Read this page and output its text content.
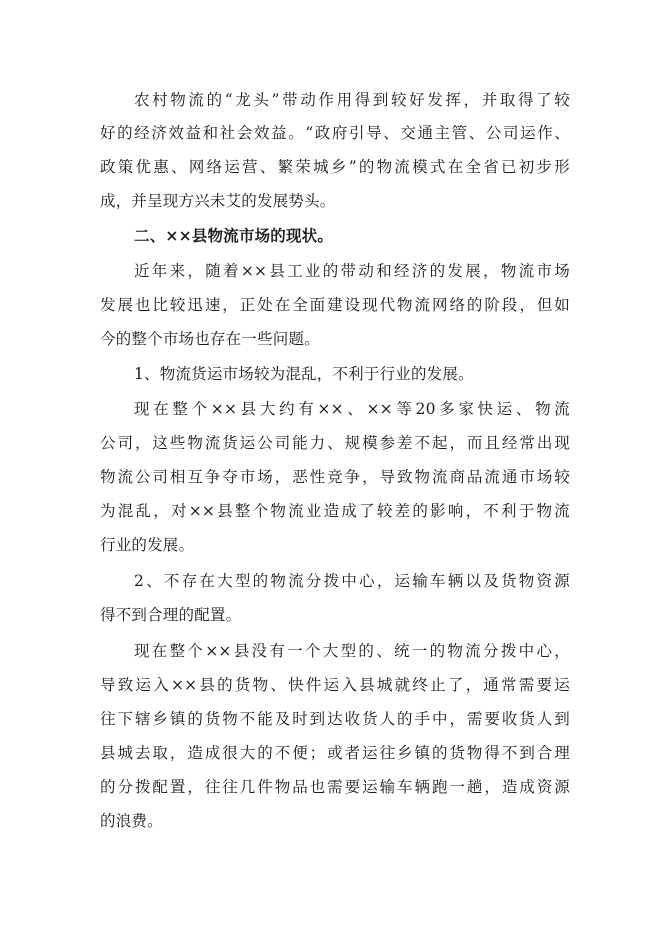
农村物流的“龙头”带动作用得到较好发挥，并取得了较
好的经济效益和社会效益。“政府引导、交通主管、公司运作、
政策优惠、网络运营、繁荣城乡”的物流模式在全省已初步形
成，并呈现方兴未艾的发展势头。
二、××县物流市场的现状。
近年来，随着××县工业的带动和经济的发展，物流市场
发展也比较迅速，正处在全面建设现代物流网络的阶段，但如
今的整个市场也存在一些问题。
1、物流货运市场较为混乱，不利于行业的发展。
现在整个××县大约有××、××等20多家快运、物流
公司，这些物流货运公司能力、规模参差不起，而且经常出现
物流公司相互争夺市场，恶性竞争，导致物流商品流通市场较
为混乱，对××县整个物流业造成了较差的影响，不利于物流
行业的发展。
2、不存在大型的物流分拨中心，运输车辆以及货物资源
得不到合理的配置。
现在整个××县没有一个大型的、统一的物流分拨中心，
导致运入××县的货物、快件运入县城就终止了，通常需要运
往下辖乡镇的货物不能及时到达收货人的手中，需要收货人到
县城去取，造成很大的不便；或者运往乡镇的货物得不到合理
的分拨配置，往往几件物品也需要运输车辆跑一趟，造成资源
的浪费。
